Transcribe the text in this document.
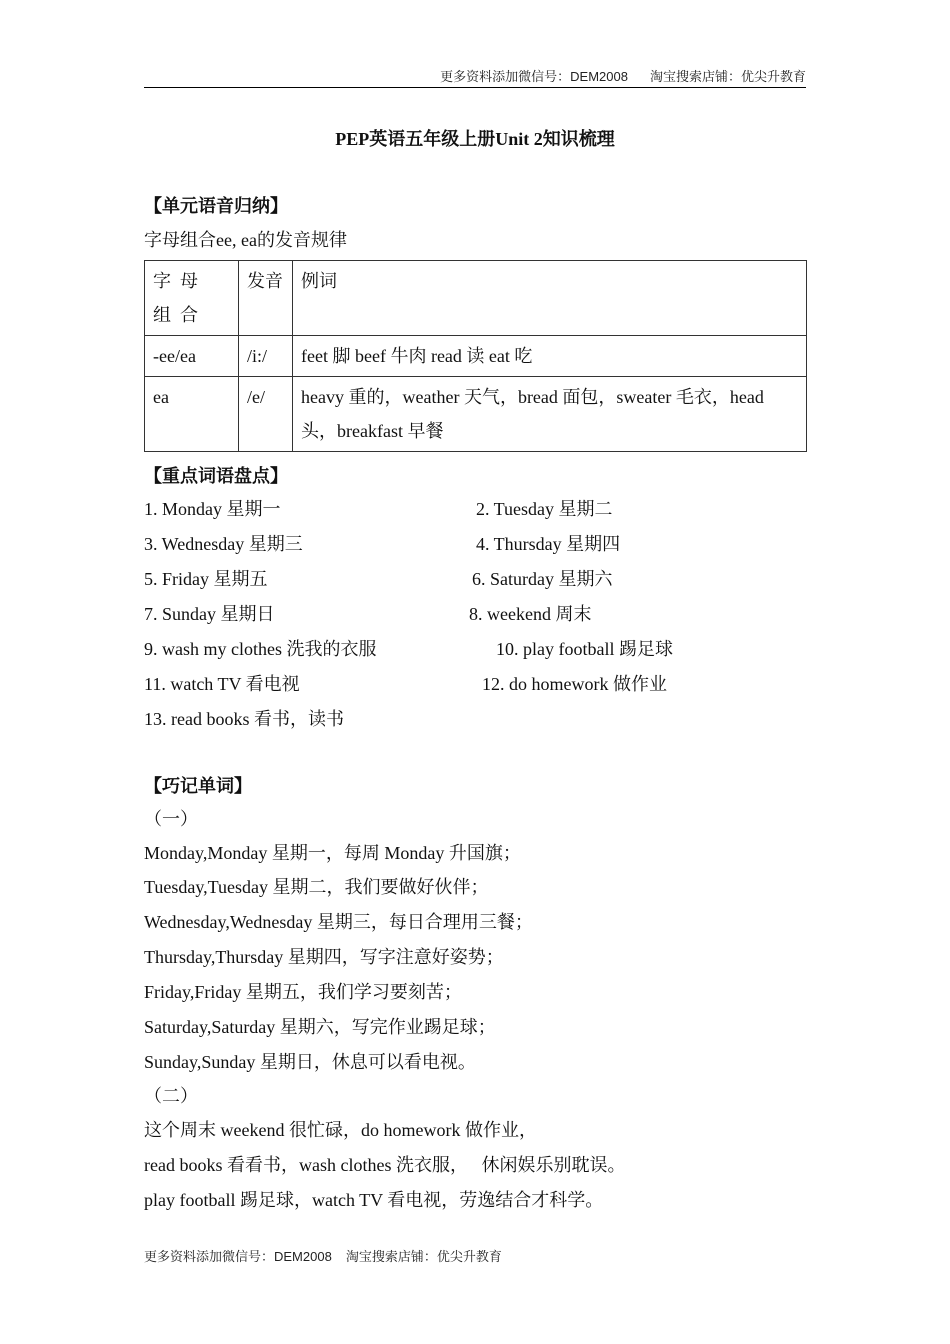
更多资料添加微信号：DEM2008 淘宝搜索店铺：优尖升教育
PEP英语五年级上册Unit 2知识梳理
【单元语音归纳】
字母组合ee, ea的发音规律
字母组合	发音	例词
-ee/ea	/i:/	feet 脚 beef 牛肉 read 读 eat 吃
ea	/e/	heavy 重的，weather 天气，bread 面包，sweater 毛衣，head 头，breakfast 早餐
【重点词语盘点】
1. Monday 星期一	2. Tuesday 星期二
3. Wednesday 星期三	4. Thursday 星期四
5. Friday 星期五	6. Saturday 星期六
7. Sunday 星期日	8. weekend 周末
9. wash my clothes 洗我的衣服	10. play football 踢足球
11. watch TV 看电视	12. do homework 做作业
13. read books 看书，读书
【巧记单词】
（一）
Monday,Monday 星期一，每周 Monday 升国旗；
Tuesday,Tuesday 星期二，我们要做好伙伴；
Wednesday,Wednesday 星期三，每日合理用三餐；
Thursday,Thursday 星期四，写字注意好姿势；
Friday,Friday 星期五，我们学习要刻苦；
Saturday,Saturday 星期六，写完作业踢足球；
Sunday,Sunday 星期日，休息可以看电视。
（二）
这个周末 weekend 很忙碌，do homework 做作业，
read books 看看书，wash clothes 洗衣服，   休闲娱乐别耽误。
play football 踢足球，watch TV 看电视，劳逸结合才科学。
更多资料添加微信号：DEM2008 淘宝搜索店铺：优尖升教育
